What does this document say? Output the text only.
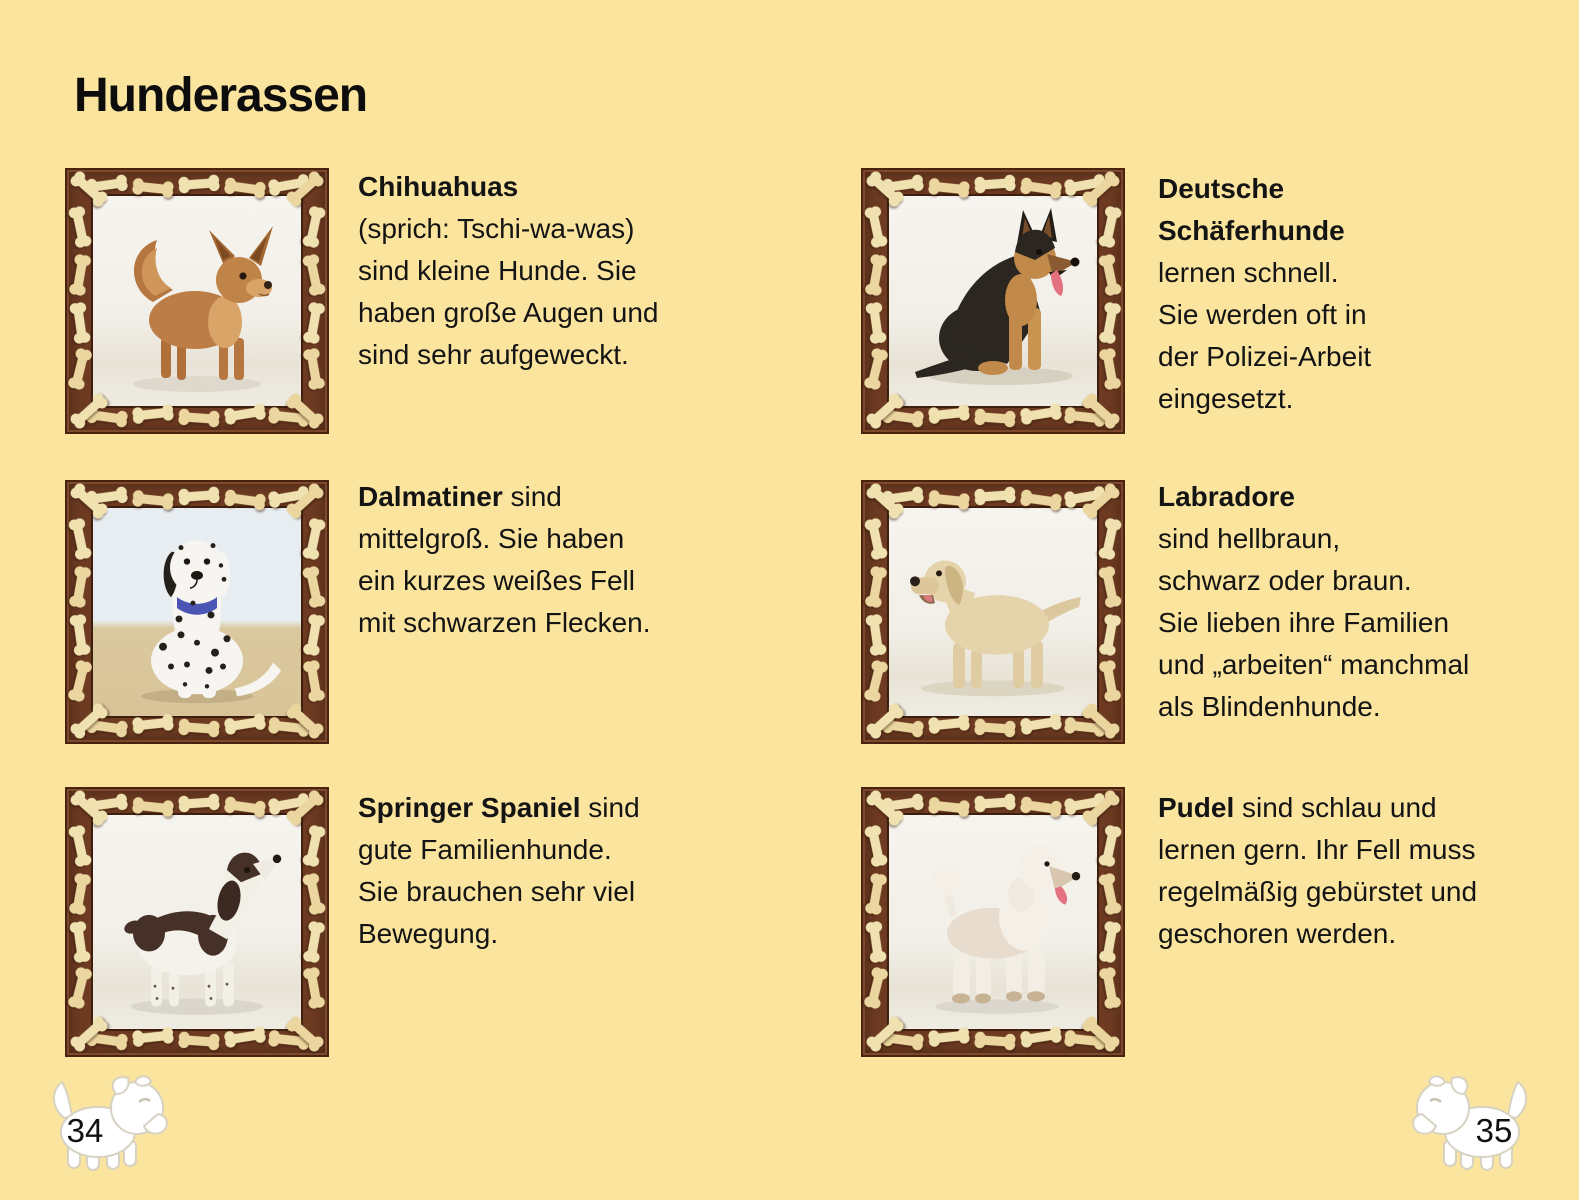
Hunderassen
Chihuahuas
(sprich: Tschi-wa-was)
sind kleine Hunde. Sie
haben große Augen und
sind sehr aufgeweckt.
Deutsche
Schäferhunde
lernen schnell.
Sie werden oft in
der Polizei-Arbeit
eingesetzt.
Dalmatiner sind
mittelgroß. Sie haben
ein kurzes weißes Fell
mit schwarzen Flecken.
Labradore
sind hellbraun,
schwarz oder braun.
Sie lieben ihre Familien
und „arbeiten“ manchmal
als Blindenhunde.
Springer Spaniel sind
gute Familienhunde.
Sie brauchen sehr viel
Bewegung.
Pudel sind schlau und
lernen gern. Ihr Fell muss
regelmäßig gebürstet und
geschoren werden.
34	35
